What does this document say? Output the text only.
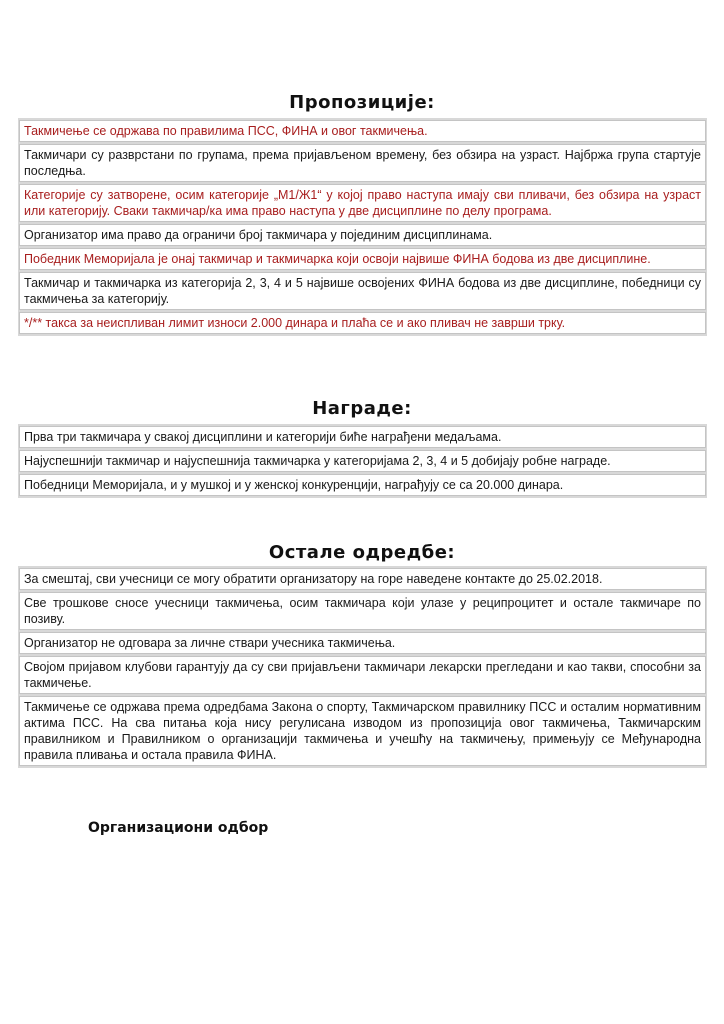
Пропозиције:
Такмичење се одржава по правилима ПСС, ФИНА и овог такмичења.
Такмичари су разврстани по групама, према пријављеном времену, без обзира на узраст. Најбржа група стартује последња.
Категорије су затворене, осим категорије „М1/Ж1“ у којој право наступа имају сви пливачи, без обзира на узраст или категорију. Сваки такмичар/ка има право наступа у две дисциплине по делу програма.
Организатор има право да ограничи број такмичара у појединим дисциплинама.
Победник Меморијала је онај такмичар и такмичарка који освоји највише ФИНА бодова из две дисциплине.
Такмичар и такмичарка из категорија 2, 3, 4 и 5 највише освојених ФИНА бодова из две дисциплине, победници су такмичења за категорију.
*/** такса за неиспливан лимит износи 2.000 динара и плаћа се и ако пливач не заврши трку.
Награде:
Прва три такмичара у свакој дисциплини и категорији биће награђени медаљама.
Најуспешнији такмичар и најуспешнија такмичарка у категоријама 2, 3, 4 и 5 добијају робне награде.
Победници Меморијала, и у мушкој и у женској конкуренцији, награђују се са 20.000 динара.
Остале одредбе:
За смештај, сви учесници се могу обратити организатору на горе наведене контакте до 25.02.2018.
Све трошкове сносе учесници такмичења, осим такмичара који улазе у реципроцитет и остале такмичаре по позиву.
Организатор не одговара за личне ствари учесника такмичења.
Својом пријавом клубови гарантују да су сви пријављени такмичари лекарски прегледани и као такви, способни за такмичење.
Такмичење се одржава према одредбама Закона о спорту, Такмичарском правилнику ПСС и осталим нормативним актима ПСС. На сва питања која нису регулисана изводом из пропозиција овог такмичења, Такмичарским правилником и Правилником о организацији такмичења и учешћу на такмичењу, примењују се Међународна правила пливања и остала правила ФИНА.
Организациони одбор
